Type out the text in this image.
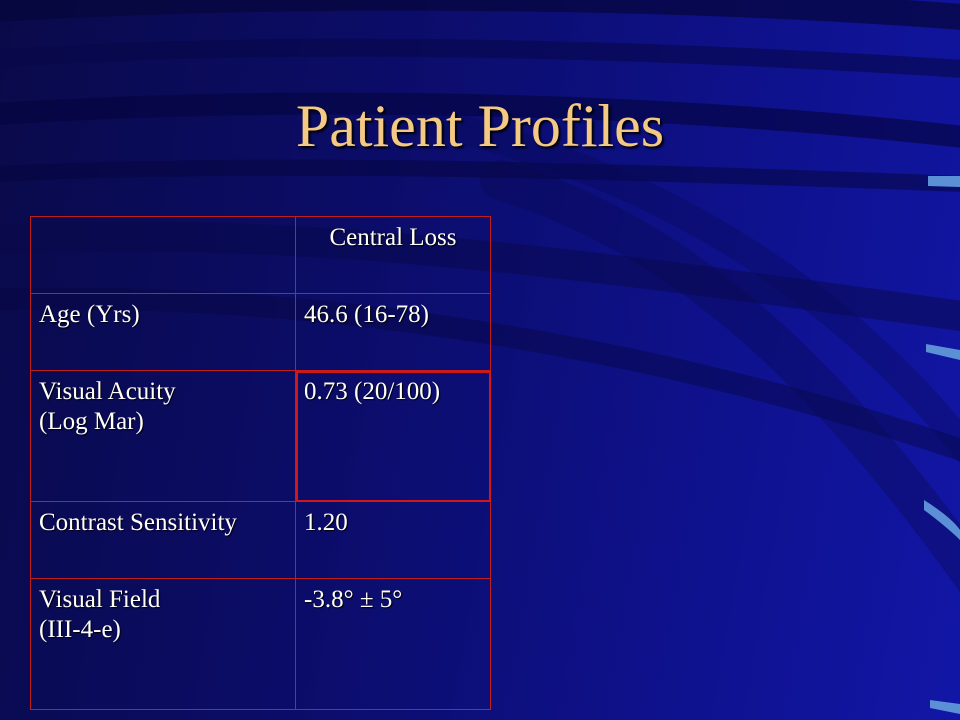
Patient Profiles
	Central Loss

Age (Yrs)	46.6 (16-78)

Visual Acuity
(Log Mar)	0.73 (20/100)

Contrast Sensitivity	1.20

Visual Field
(III-4-e)	-3.8° ± 5°
